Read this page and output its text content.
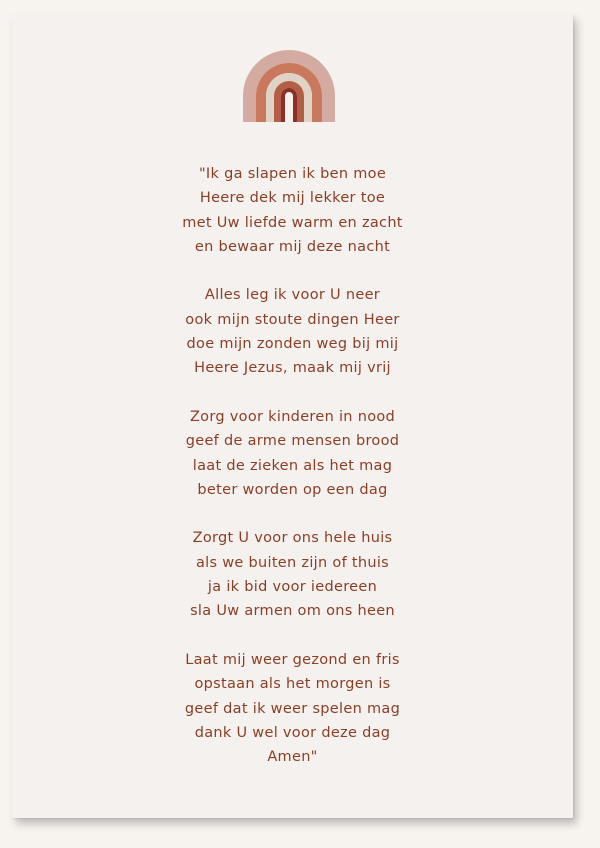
"Ik ga slapen ik ben moe
Heere dek mij lekker toe
met Uw liefde warm en zacht
en bewaar mij deze nacht
Alles leg ik voor U neer
ook mijn stoute dingen Heer
doe mijn zonden weg bij mij
Heere Jezus, maak mij vrij
Zorg voor kinderen in nood
geef de arme mensen brood
laat de zieken als het mag
beter worden op een dag
Zorgt U voor ons hele huis
als we buiten zijn of thuis
ja ik bid voor iedereen
sla Uw armen om ons heen
Laat mij weer gezond en fris
opstaan als het morgen is
geef dat ik weer spelen mag
dank U wel voor deze dag
Amen"
